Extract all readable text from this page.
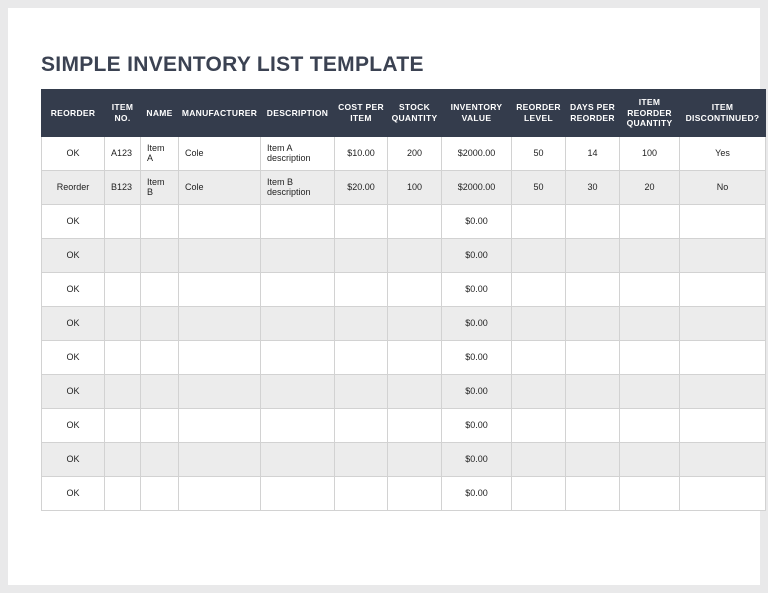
SIMPLE INVENTORY LIST TEMPLATE
REORDER	ITEM NO.	NAME	MANUFACTURER	DESCRIPTION	COST PER ITEM	STOCK QUANTITY	INVENTORY VALUE	REORDER LEVEL	DAYS PER REORDER	ITEM REORDER QUANTITY	ITEM DISCONTINUED?
OK	A123	Item A	Cole	Item A description	$10.00	200	$2000.00	50	14	100	Yes
Reorder	B123	Item B	Cole	Item B description	$20.00	100	$2000.00	50	30	20	No
OK							$0.00				
OK							$0.00				
OK							$0.00				
OK							$0.00				
OK							$0.00				
OK							$0.00				
OK							$0.00				
OK							$0.00				
OK							$0.00				
